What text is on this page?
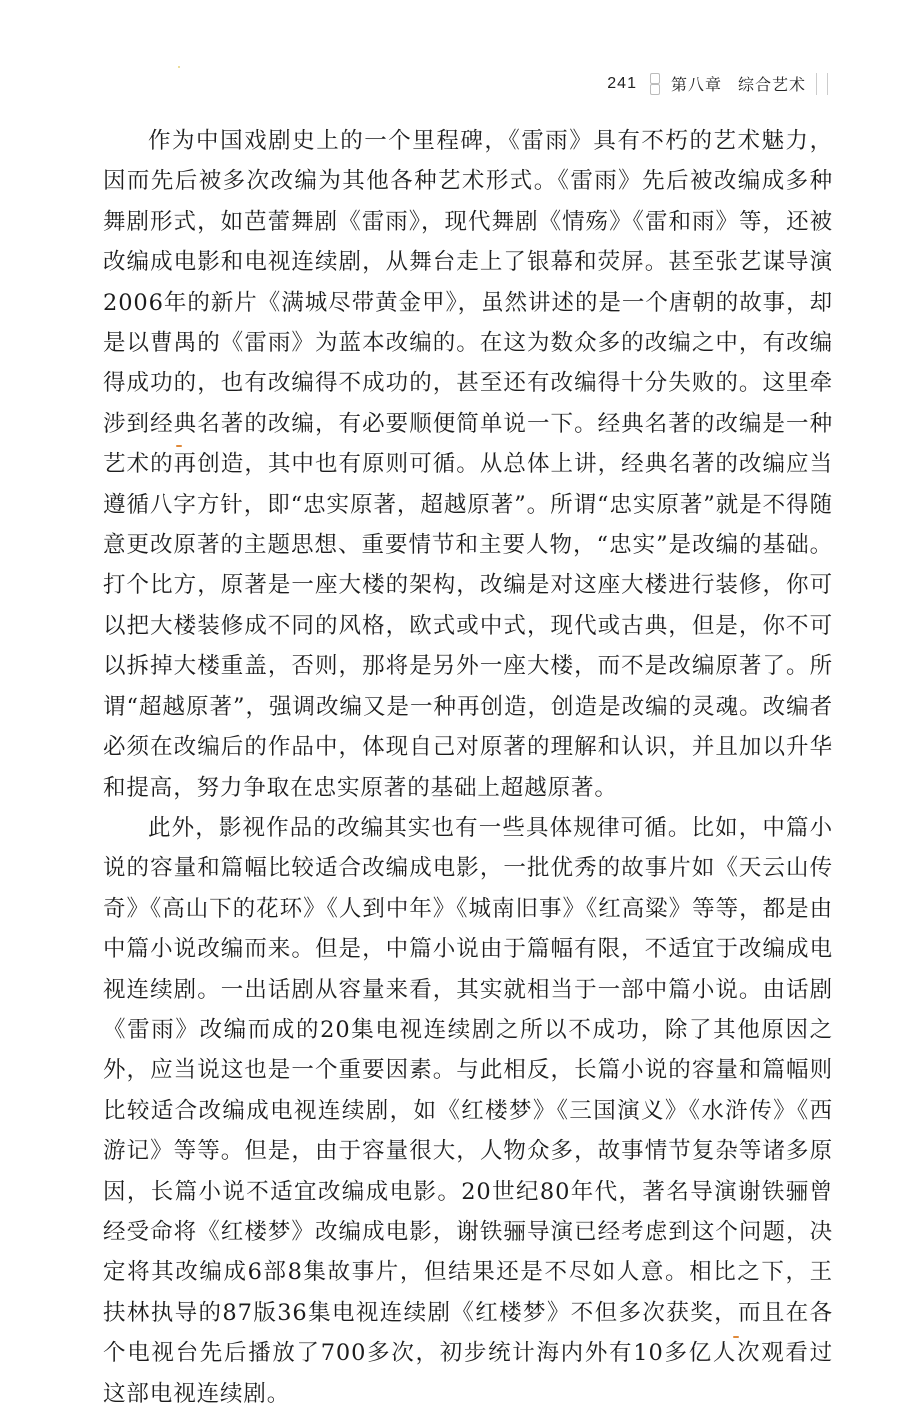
241 第八章 综合艺术

作为中国戏剧史上的一个里程碑，《雷雨》具有不朽的艺术魅力，因而先后被多次改编为其他各种艺术形式。《雷雨》先后被改编成多种舞剧形式，如芭蕾舞剧《雷雨》，现代舞剧《情殇》《雷和雨》等，还被改编成电影和电视连续剧，从舞台走上了银幕和荧屏。甚至张艺谋导演2006年的新片《满城尽带黄金甲》，虽然讲述的是一个唐朝的故事，却是以曹禺的《雷雨》为蓝本改编的。在这为数众多的改编之中，有改编得成功的，也有改编得不成功的，甚至还有改编得十分失败的。这里牵涉到经典名著的改编，有必要顺便简单说一下。经典名著的改编是一种艺术的再创造，其中也有原则可循。从总体上讲，经典名著的改编应当遵循八字方针，即“忠实原著，超越原著”。所谓“忠实原著”就是不得随意更改原著的主题思想、重要情节和主要人物，“忠实”是改编的基础。打个比方，原著是一座大楼的架构，改编是对这座大楼进行装修，你可以把大楼装修成不同的风格，欧式或中式，现代或古典，但是，你不可以拆掉大楼重盖，否则，那将是另外一座大楼，而不是改编原著了。所谓“超越原著”，强调改编又是一种再创造，创造是改编的灵魂。改编者必须在改编后的作品中，体现自己对原著的理解和认识，并且加以升华和提高，努力争取在忠实原著的基础上超越原著。

此外，影视作品的改编其实也有一些具体规律可循。比如，中篇小说的容量和篇幅比较适合改编成电影，一批优秀的故事片如《天云山传奇》《高山下的花环》《人到中年》《城南旧事》《红高粱》等等，都是由中篇小说改编而来。但是，中篇小说由于篇幅有限，不适宜于改编成电视连续剧。一出话剧从容量来看，其实就相当于一部中篇小说。由话剧《雷雨》改编而成的20集电视连续剧之所以不成功，除了其他原因之外，应当说这也是一个重要因素。与此相反，长篇小说的容量和篇幅则比较适合改编成电视连续剧，如《红楼梦》《三国演义》《水浒传》《西游记》等等。但是，由于容量很大，人物众多，故事情节复杂等诸多原因，长篇小说不适宜改编成电影。20世纪80年代，著名导演谢铁骊曾经受命将《红楼梦》改编成电影，谢铁骊导演已经考虑到这个问题，决定将其改编成6部8集故事片，但结果还是不尽如人意。相比之下，王扶林执导的87版36集电视连续剧《红楼梦》不但多次获奖，而且在各个电视台先后播放了700多次，初步统计海内外有10多亿人次观看过这部电视连续剧。
